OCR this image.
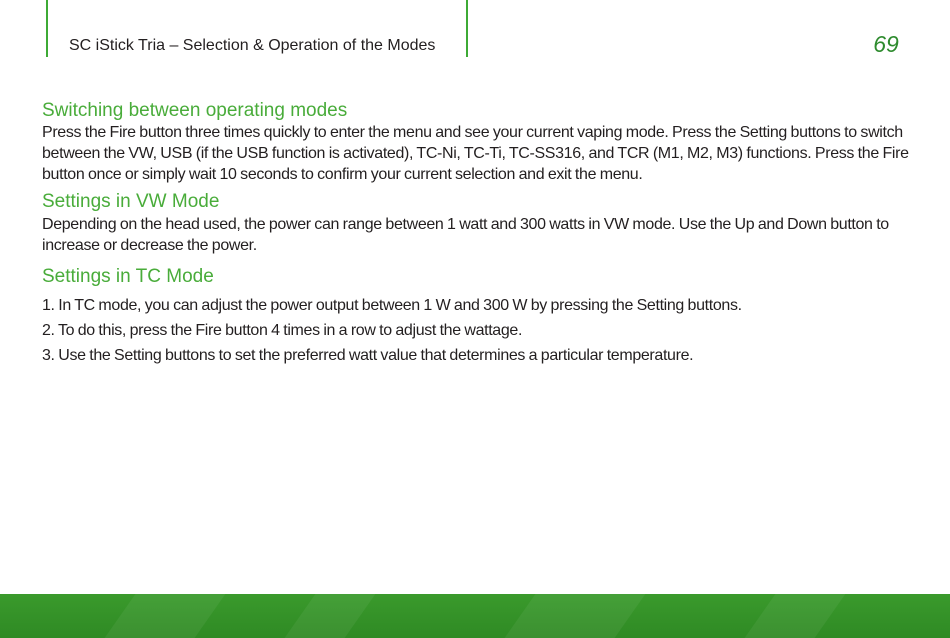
SC iStick Tria – Selection & Operation of the Modes	69
Switching between operating modes

Press the Fire button three times quickly to enter the menu and see your current vaping mode. Press the Setting buttons to switch between the VW, USB (if the USB function is activated), TC-Ni, TC-Ti, TC-SS316, and TCR (M1, M2, M3) functions. Press the Fire button once or simply wait 10 seconds to confirm your current selection and exit the menu.

Settings in VW Mode

Depending on the head used, the power can range between 1 watt and 300 watts in VW mode. Use the Up and Down button to increase or decrease the power.

Settings in TC Mode
1. In TC mode, you can adjust the power output between 1 W and 300 W by pressing the Setting buttons.
2. To do this, press the Fire button 4 times in a row to adjust the wattage.
3. Use the Setting buttons to set the preferred watt value that determines a particular temperature.
